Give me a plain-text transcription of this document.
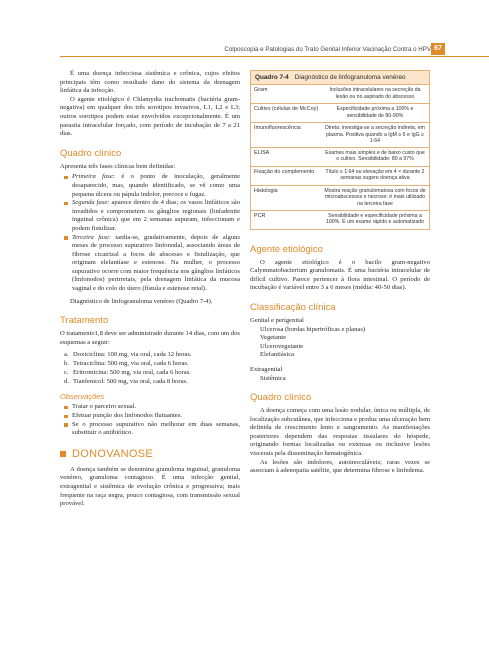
Colposcopia e Patologias do Trato Genital Inferior Vacinação Contra o HPV 67

É uma doença infecciosa sistêmica e crônica, cujos efeitos principais têm como resultado dano do sistema da drenagem linfática da infecção.

O agente etiológico é Chlamydia trachomatis (bactéria gram-negativa) em qualquer dos três sorotipos invasivos, L1, L2 e L3; outros sorotipos podem estar envolvidos excepcionalmente. É um parasita intracelular forçado, com período de incubação de 7 a 21 dias.

Quadro clínico

Apresenta três fases clínicas bem definidas:

Primeira fase: é o ponto de inoculação, geralmente desaparecido, mas, quando identificado, se vê como uma pequena úlcera ou pápula indolor, precoce e fugaz.
Segunda fase: aparece dentro de 4 dias; os vasos linfáticos são invadidos e comprometem os gânglios regionais (linfadenite inguinal crônica) que em 2 semanas supuram, infeccionam e podem fistulizar.
Terceira fase: tardia-se, gradativamente, depois de alguns meses de processo supurativo linfonodal, associando áreas de fibrose cicatrizal a focos de abscesso e fistulização, que originam elefantíase e estenose. Na mulher, o processo supurativo ocorre com maior frequência nos gânglios linfáticos (linfonodos) perirretais, pela drenagem linfática da mucosa vaginal e do colo do útero (fístula e estenose retal).

Diagnóstico de linfogranuloma venéreo (Quadro 7-4).

Tratamento

O tratamento1,8 deve ser administrado durante 14 dias, com um dos esquemas a seguir:

a. Doxiciclina: 100 mg, via oral, cada 12 horas.
b. Tetraciclina: 500 mg, via oral, cada 6 horas.
c. Eritromicina: 500 mg, via oral, cada 6 horas.
d. Tianfenicol: 500 mg, via oral, cada 8 horas.
Observações
Tratar o parceiro sexual.
Efetuar punção dos linfonodos flutuantes.
Se o processo supurativo não melhorar em duas semanas, substituir o antibiótico.
DONOVANOSE

A doença também se denomina granuloma inguinal, granuloma venéreo, granuloma contagioso. É uma infecção genital, extragenital e sistêmica de evolução crônica e progressiva; mais frequente na raça negra, pouco contagiosa, com transmissão sexual provável.

Quadro 7-4 Diagnóstico de linfogranuloma venéreo
Gram	Inclusões intracelulares na secreção da lesão ou no aspirado do abscesso
Cultivo (células de McCoy)	Especificidade próxima a 100% e sensibilidade de 80-90%
Imunofluorescência	Direta: investiga-se a secreção indireta, em plasma. Positiva quando a IgM ≥ 6 e IgG ≥ 1:64
ELISA	Exames mais simples e de baixo custo que o cultivo. Sensibilidade: 80 a 97%
Fixação do complemento	Título ≥ 1:64 ou elevação em 4 × durante 2 semanas sugere doença ativa
Histologia	Mostra reação granulomatosa com focos de microabscessos e necrose; é mais utilizado na terceira fase
PCR	Sensibilidade e especificidade próxima a 100%. É um exame rápido e automatizado
Agente etiológico

O agente etiológico é o bacilo gram-negativo Calymmatobacterium granulomatis. É uma bactéria intracelular de difícil cultivo. Parece pertencer à flora intestinal. O período de incubação é variável entre 3 a 6 meses (média: 40-50 dias).

Classificação clínica
Genital e perigenital
Ulcerosa (bordas hipertróficas e planas)
Vegetante
Ulcerovegetante
Elefantiásica
Extragenital
Sistêmica
Quadro clínico

A doença começa com uma lesão nodular, única ou múltipla, de localização subcutânea, que infecciona e produz uma ulceração bem definida de crescimento lento e sangramento. As manifestações posteriores dependem das respostas tissulares do hóspede, originando formas localizadas ou extensas ou inclusive lesões viscerais pela disseminação hematogênica.

As lesões são indolores, autoinoculáveis; raras vezes se associam à adenopatia satélite, que determina fibrose e linfedema.
